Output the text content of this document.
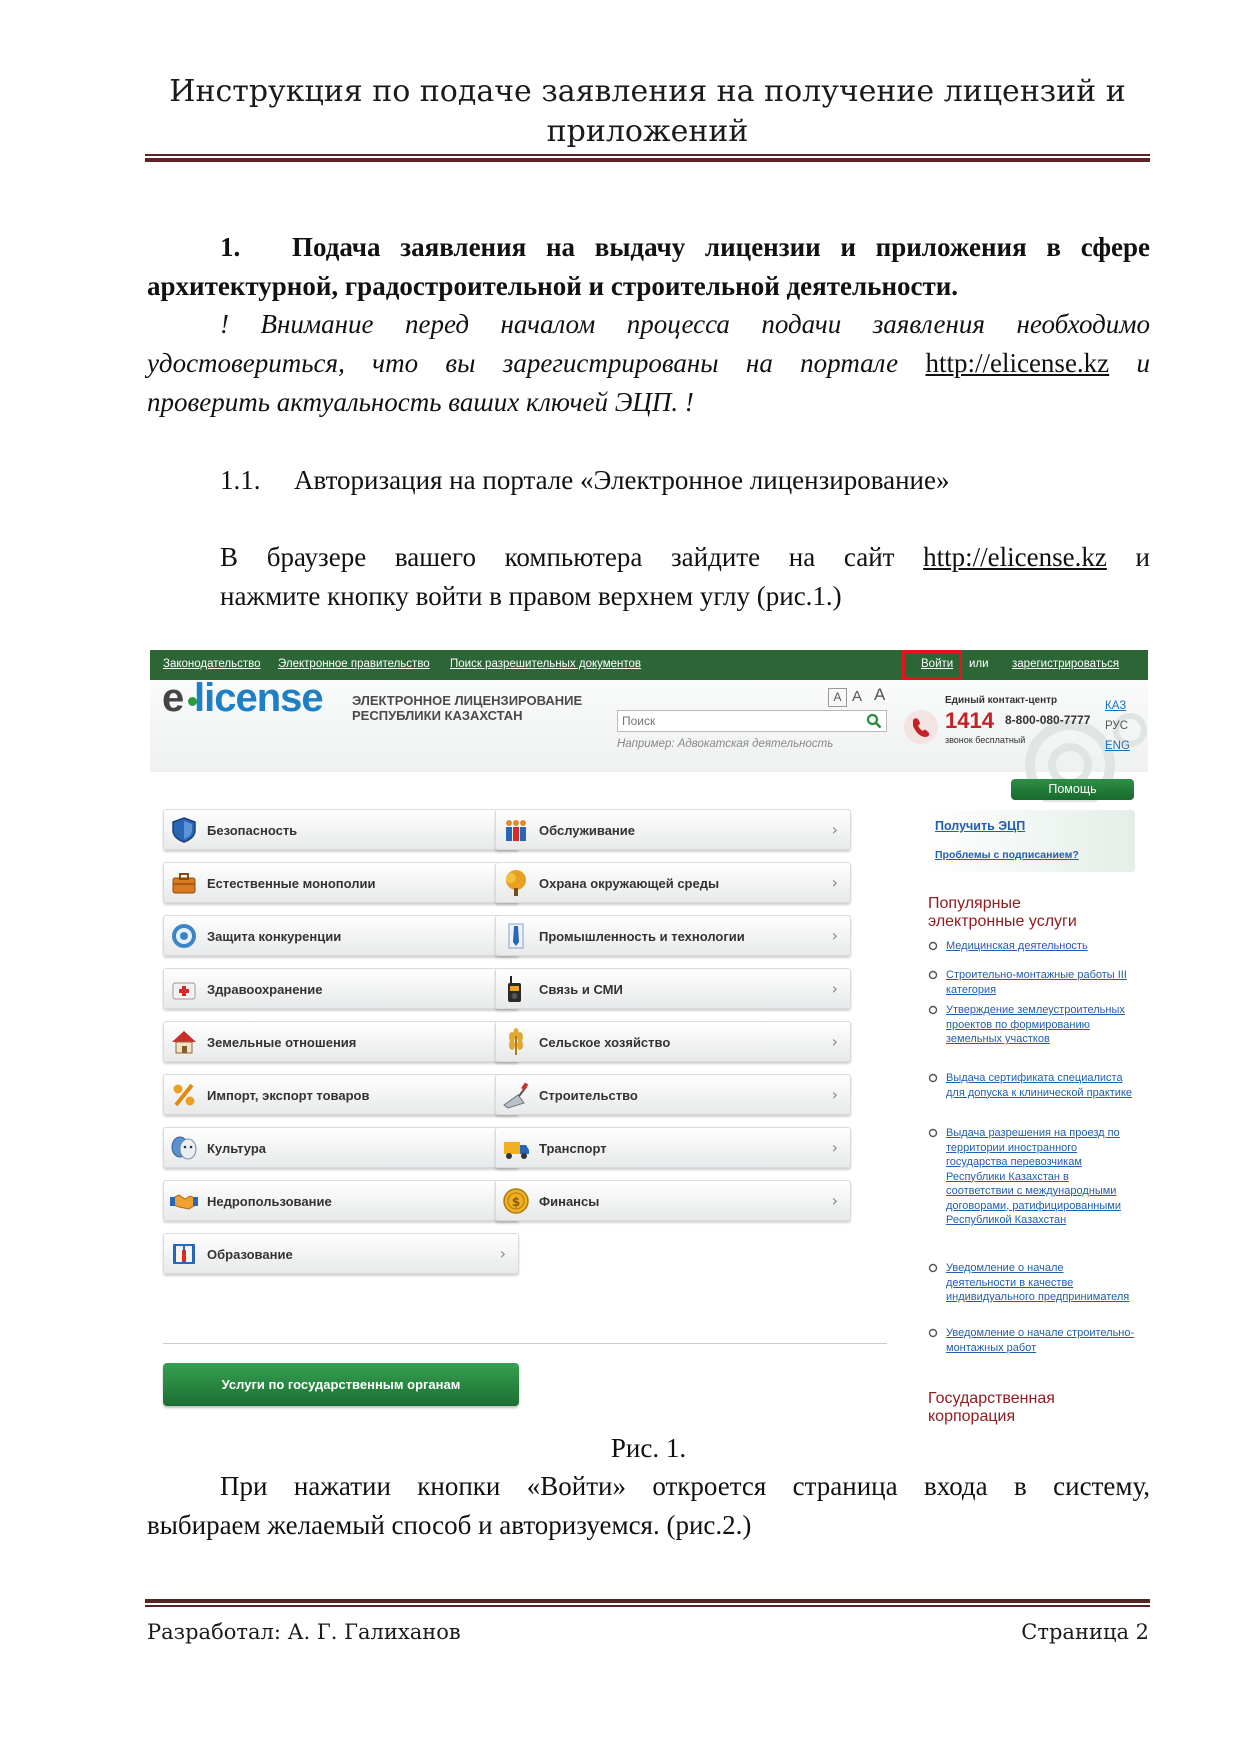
Инструкция по подаче заявления на получение лицензий и
приложений
1. Подача заявления на выдачу лицензии и приложения в сфере
архитектурной, градостроительной и строительной деятельности.
! Внимание перед началом процесса подачи заявления необходимо
удостовериться, что вы зарегистрированы на портале http://elicense.kz и
проверить актуальность ваших ключей ЭЦП. !
1.1. Авторизация на портале «Электронное лицензирование»
В браузере вашего компьютера зайдите на сайт http://elicense.kz и
нажмите кнопку войти в правом верхнем углу (рис.1.)
Законодательство Электронное правительство Поиск разрешительных документов	Войти или зарегистрироваться
e license ЭЛЕКТРОННОЕ ЛИЦЕНЗИРОВАНИЕ
РЕСПУБЛИКИ КАЗАХСТАН
A A A
Поиск
Например: Адвокатская деятельность
Единый контакт-центр
1414 8-800-080-7777
звонок бесплатный
КАЗ
РУС
ENG
Помощь
Получить ЭЦП
Проблемы с подписанием?
Безопасность
Естественные монополии
Защита конкуренции
Здравоохранение
Земельные отношения
Импорт, экспорт товаров
Культура
Недропользование
Образование	›
Обслуживание	›
Охрана окружающей среды	›
Промышленность и технологии	›
Связь и СМИ	›
Сельское хозяйство	›
Строительство	›
Транспорт	›
$ Финансы	›
Услуги по государственным органам
Популярные
электронные услуги
Медицинская деятельность
Строительно-монтажные работы III категория
Утверждение землеустроительных проектов по формированию земельных участков
Выдача сертификата специалиста для допуска к клинической практике
Выдача разрешения на проезд по территории иностранного государства перевозчикам Республики Казахстан в соответствии с международными договорами, ратифицированными Республикой Казахстан
Уведомление о начале деятельности в качестве индивидуального предпринимателя
Уведомление о начале строительно-монтажных работ
Государственная
корпорация
Рис. 1.
При нажатии кнопки «Войти» откроется страница входа в систему,
выбираем желаемый способ и авторизуемся. (рис.2.)
Разработал: А. Г. Галиханов	Страница 2
